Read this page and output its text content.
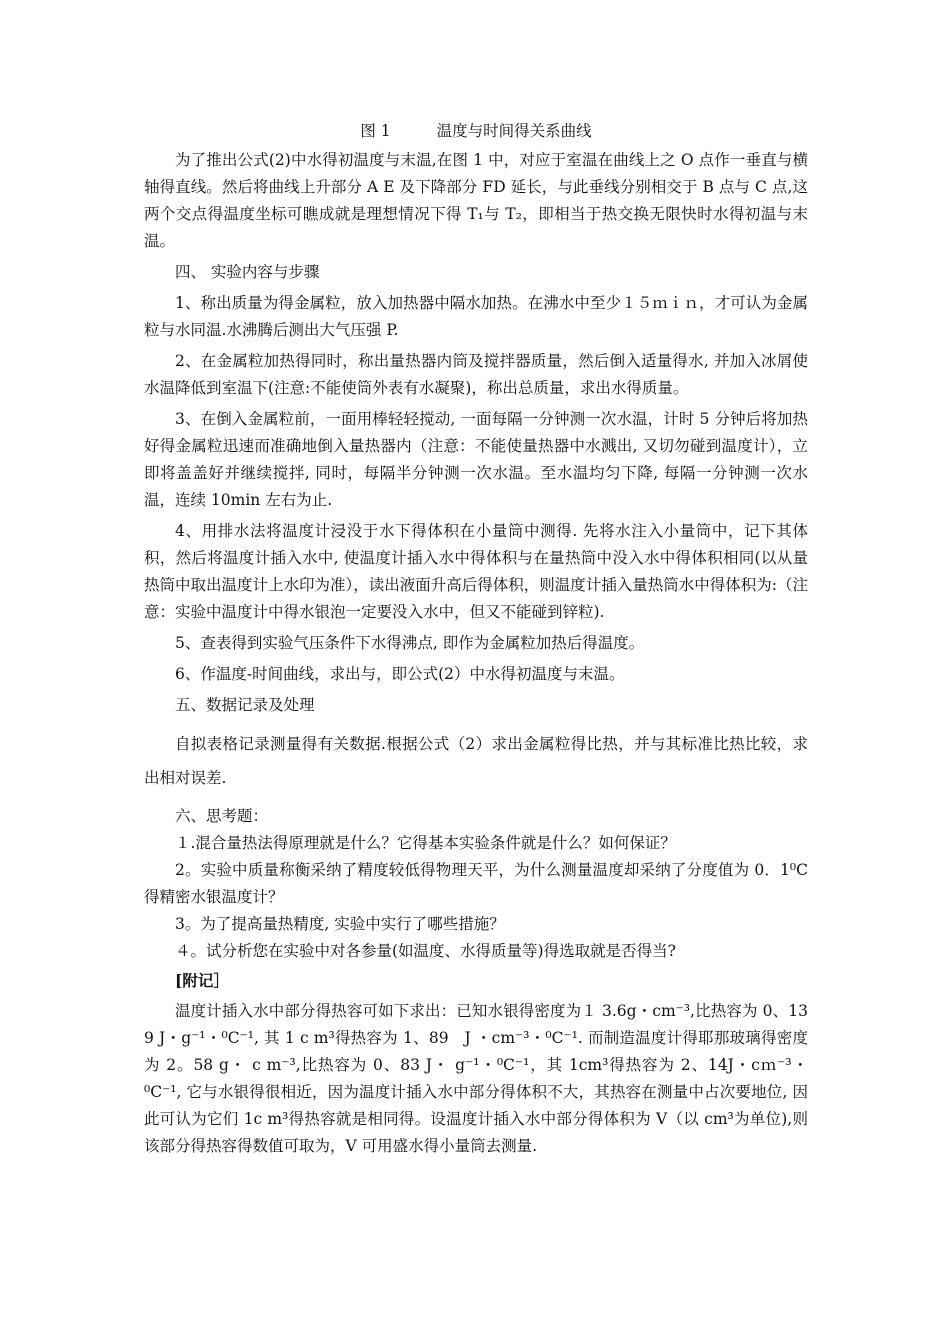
图 1	温度与时间得关系曲线

为了推出公式(2)中水得初温度与末温,在图 1 中，对应于室温在曲线上之 O 点作一垂直与横轴得直线。然后将曲线上升部分 A E 及下降部分 FD 延长，与此垂线分别相交于 B 点与 C 点,这两个交点得温度坐标可瞧成就是理想情况下得 T₁与 T₂，即相当于热交换无限快时水得初温与末温。

四、 实验内容与步骤

1、称出质量为得金属粒，放入加热器中隔水加热。在沸水中至少１５ｍｉｎ，才可认为金属粒与水同温.水沸腾后测出大气压强 P.

2、在金属粒加热得同时，称出量热器内筒及搅拌器质量，然后倒入适量得水, 并加入冰屑使水温降低到室温下(注意:不能使筒外表有水凝聚)，称出总质量，求出水得质量。

3、在倒入金属粒前，一面用棒轻轻搅动, 一面每隔一分钟测一次水温，计时 5 分钟后将加热好得金属粒迅速而准确地倒入量热器内（注意：不能使量热器中水溅出, 又切勿碰到温度计），立即将盖盖好并继续搅拌, 同时，每隔半分钟测一次水温。至水温均匀下降, 每隔一分钟测一次水温，连续 10min 左右为止.

4、用排水法将温度计浸没于水下得体积在小量筒中测得. 先将水注入小量筒中，记下其体积，然后将温度计插入水中, 使温度计插入水中得体积与在量热筒中没入水中得体积相同(以从量热筒中取出温度计上水印为准），读出液面升高后得体积，则温度计插入量热筒水中得体积为:（注意：实验中温度计中得水银泡一定要没入水中，但又不能碰到锌粒).

5、查表得到实验气压条件下水得沸点, 即作为金属粒加热后得温度。

6、作温度-时间曲线，求出与，即公式(2）中水得初温度与末温。

五、数据记录及处理

自拟表格记录测量得有关数据.根据公式（2）求出金属粒得比热，并与其标准比热比较，求出相对误差.

六、思考题：

１.混合量热法得原理就是什么？它得基本实验条件就是什么？如何保证？

2。实验中质量称衡采纳了精度较低得物理天平，为什么测量温度却采纳了分度值为 0．1⁰C 得精密水银温度计？

3。为了提高量热精度, 实验中实行了哪些措施？

４。试分析您在实验中对各参量(如温度、水得质量等)得选取就是否得当?

[附记］

温度计插入水中部分得热容可如下求出：已知水银得密度为１ 3.6g・cm⁻³,比热容为 0、13 9 J・g⁻¹・⁰C⁻¹, 其 1 c m³得热容为 1、89　J ・cm⁻³・⁰C⁻¹. 而制造温度计得耶那玻璃得密度为 2。58 g・ c m⁻³,比热容为 0、83 J・ g⁻¹・⁰C⁻¹，其 1cm³得热容为 2、14J・cｍ⁻³・⁰C⁻¹, 它与水银得很相近，因为温度计插入水中部分得体积不大，其热容在测量中占次要地位, 因此可认为它们 1c m³得热容就是相同得。设温度计插入水中部分得体积为 V（以 cm³为单位),则该部分得热容得数值可取为，V 可用盛水得小量筒去测量.
